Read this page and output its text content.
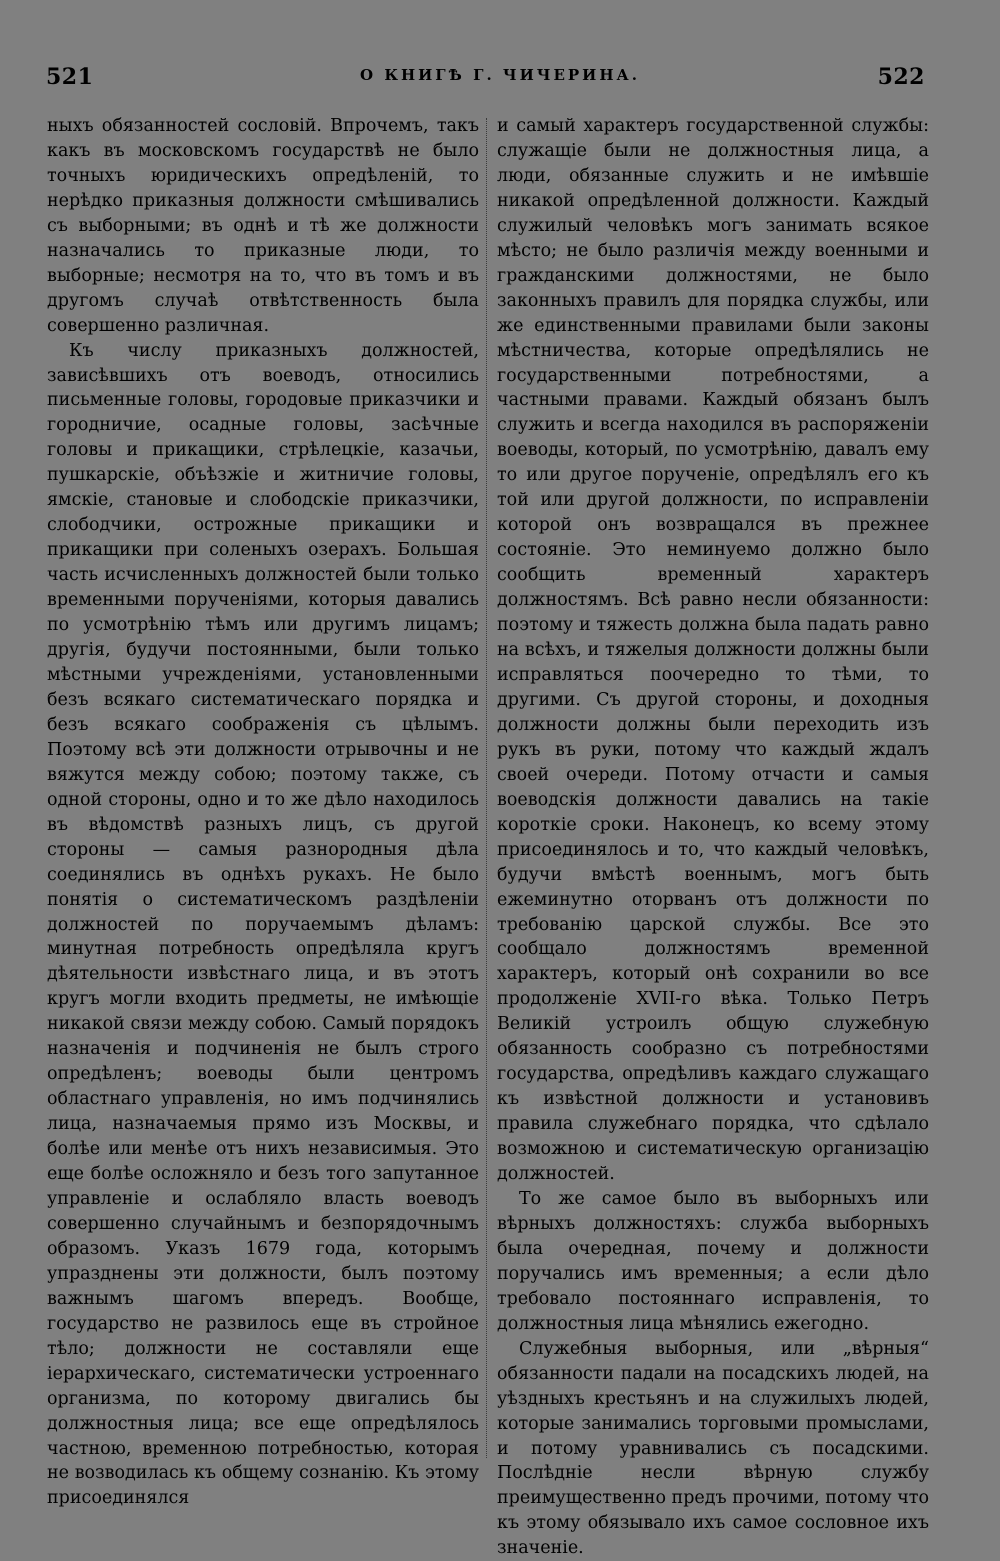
521	О КНИГѢ Г. ЧИЧЕРИНА.	522

ныхъ обязанностей сословій. Впрочемъ, такъ какъ въ московскомъ государствѣ не было точныхъ юридическихъ опредѣленій, то нерѣдко приказныя должности смѣшивались съ выборными; въ однѣ и тѣ же должности назначались то приказные люди, то выборные; несмотря на то, что въ томъ и въ другомъ случаѣ отвѣтственность была совершенно различная.

Къ числу приказныхъ должностей, зависѣвшихъ отъ воеводъ, относились письменные головы, городовые приказчики и городничие, осадные головы, засѣчные головы и прикащики, стрѣлецкіе, казачьи, пушкарскіе, объѣзжіе и житничие головы, ямскіе, становые и слободскіе приказчики, слободчики, острожные прикащики и прикащики при соленыхъ озерахъ. Большая часть исчисленныхъ должностей были только временными порученіями, которыя давались по усмотрѣнію тѣмъ или другимъ лицамъ; другія, будучи постоянными, были только мѣстными учрежденіями, установленными безъ всякаго систематическаго порядка и безъ всякаго соображенія съ цѣлымъ. Поэтому всѣ эти должности отрывочны и не вяжутся между собою; поэтому также, съ одной стороны, одно и то же дѣло находилось въ вѣдомствѣ разныхъ лицъ, съ другой стороны — самыя разнородныя дѣла соединялись въ однѣхъ рукахъ. Не было понятія о систематическомъ раздѣленіи должностей по поручаемымъ дѣламъ: минутная потребность опредѣляла кругъ дѣятельности извѣстнаго лица, и въ этотъ кругъ могли входить предметы, не имѣющіе никакой связи между собою. Самый порядокъ назначенія и подчиненія не былъ строго опредѣленъ; воеводы были центромъ областнаго управленія, но имъ подчинялись лица, назначаемыя прямо изъ Москвы, и болѣе или менѣе отъ нихъ независимыя. Это еще болѣе осложняло и безъ того запутанное управленіе и ослабляло власть воеводъ совершенно случайнымъ и безпорядочнымъ образомъ. Указъ 1679 года, которымъ упразднены эти должности, былъ поэтому важнымъ шагомъ впередъ. Вообще, государство не развилось еще въ стройное тѣло; должности не составляли еще іерархическаго, систематически устроеннаго организма, по которому двигались бы должностныя лица; все еще опредѣлялось частною, временною потребностью, которая не возводилась къ общему сознанію. Къ этому присоединялся

и самый характеръ государственной службы: служащіе были не должностныя лица, а люди, обязанные служить и не имѣвшіе никакой опредѣленной должности. Каждый служилый человѣкъ могъ занимать всякое мѣсто; не было различія между военными и гражданскими должностями, не было законныхъ правилъ для порядка службы, или же единственными правилами были законы мѣстничества, которые опредѣлялись не государственными потребностями, а частными правами. Каждый обязанъ былъ служить и всегда находился въ распоряженіи воеводы, который, по усмотрѣнію, давалъ ему то или другое порученіе, опредѣлялъ его къ той или другой должности, по исправленіи которой онъ возвращался въ прежнее состояніе. Это неминуемо должно было сообщить временный характеръ должностямъ. Всѣ равно несли обязанности: поэтому и тяжесть должна была падать равно на всѣхъ, и тяжелыя должности должны были исправляться поочередно то тѣми, то другими. Съ другой стороны, и доходныя должности должны были переходить изъ рукъ въ руки, потому что каждый ждалъ своей очереди. Потому отчасти и самыя воеводскія должности давались на такіе короткіе сроки. Наконецъ, ко всему этому присоединялось и то, что каждый человѣкъ, будучи вмѣстѣ военнымъ, могъ быть ежеминутно оторванъ отъ должности по требованію царской службы. Все это сообщало должностямъ временной характеръ, который онѣ сохранили во все продолженіе XVII-го вѣка. Только Петръ Великій устроилъ общую служебную обязанность сообразно съ потребностями государства, опредѣливъ каждаго служащаго къ извѣстной должности и установивъ правила служебнаго порядка, что сдѣлало возможною и систематическую организацію должностей.

То же самое было въ выборныхъ или вѣрныхъ должностяхъ: служба выборныхъ была очередная, почему и должности поручались имъ временныя; а если дѣло требовало постояннаго исправленія, то должностныя лица мѣнялись ежегодно.

Служебныя выборныя, или „вѣрныя“ обязанности падали на посадскихъ людей, на уѣздныхъ крестьянъ и на служилыхъ людей, которые занимались торговыми промыслами, и потому уравнивались съ посадскими. Послѣдніе несли вѣрную службу преимущественно предъ прочими, потому что къ этому обязывало ихъ самое сословное ихъ значеніе.
